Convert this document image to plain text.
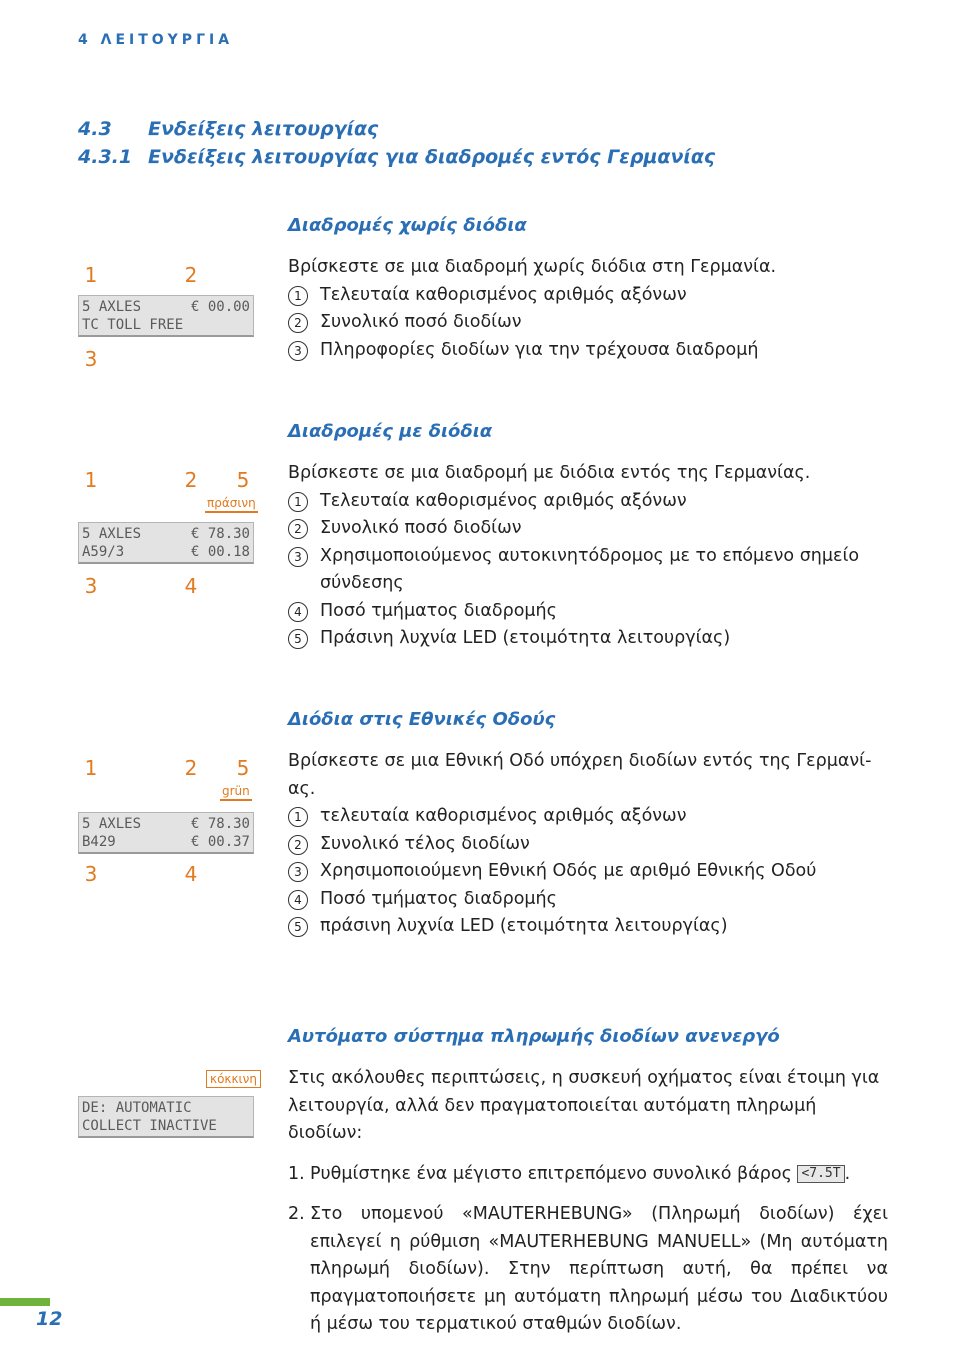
4 ΛΕΙΤΟΥΡΓΙΑ
4.3 Ενδείξεις λειτουργίας
4.3.1 Ενδείξεις λειτουργίας για διαδρομές εντός Γερμανίας
Διαδρομές χωρίς διόδια
1	2
5 AXLES	€ 00.00
TC TOLL FREE
3

Βρίσκεστε σε μια διαδρομή χωρίς διόδια στη Γερμανία.

1	Τελευταία καθορισμένος αριθμός αξόνων
2	Συνολικό ποσό διοδίων
3	Πληροφορίες διοδίων για την τρέχουσα διαδρομή
Διαδρομές με διόδια
1	2	5
πράσινη
5 AXLES	€ 78.30
A59/3	€ 00.18
3	4

Βρίσκεστε σε μια διαδρομή με διόδια εντός της Γερμανίας.

1	Τελευταία καθορισμένος αριθμός αξόνων
2	Συνολικό ποσό διοδίων
3	Χρησιμοποιούμενος αυτοκινητόδρομος με το επόμενο σημείο σύνδεσης
4	Ποσό τμήματος διαδρομής
5	Πράσινη λυχνία LED (ετοιμότητα λειτουργίας)
Διόδια στις Εθνικές Οδούς
1	2	5
grün
5 AXLES	€ 78.30
B429	€ 00.37
3	4

Βρίσκεστε σε μια Εθνική Οδό υπόχρεη διοδίων εντός της Γερμανί-

ας.

1	τελευταία καθορισμένος αριθμός αξόνων
2	Συνολικό τέλος διοδίων
3	Χρησιμοποιούμενη Εθνική Οδός με αριθμό Εθνικής Οδού
4	Ποσό τμήματος διαδρομής
5	πράσινη λυχνία LED (ετοιμότητα λειτουργίας)
Αυτόματο σύστημα πληρωμής διοδίων ανενεργό
κόκκινη
DE: AUTOMATIC
COLLECT INACTIVE

Στις ακόλουθες περιπτώσεις, η συσκευή οχήματος είναι έτοιμη για λειτουργία, αλλά δεν πραγματοποιείται αυτόματη πληρωμή διοδίων:

1. Ρυθμίστηκε ένα μέγιστο επιτρεπόμενο συνολικό βάρος <7.5T .
2. Στο υπομενού «MAUTERHEBUNG» (Πληρωμή διοδίων) έχει επιλεγεί η ρύθμιση «MAUTERHEBUNG MANUELL» (Μη αυτόματη πληρωμή διοδίων). Στην περίπτωση αυτή, θα πρέπει να πραγματοποιήσετε μη αυτόματη πληρωμή μέσω του Διαδικτύου ή μέσω του τερματικού σταθμών διοδίων.
12
